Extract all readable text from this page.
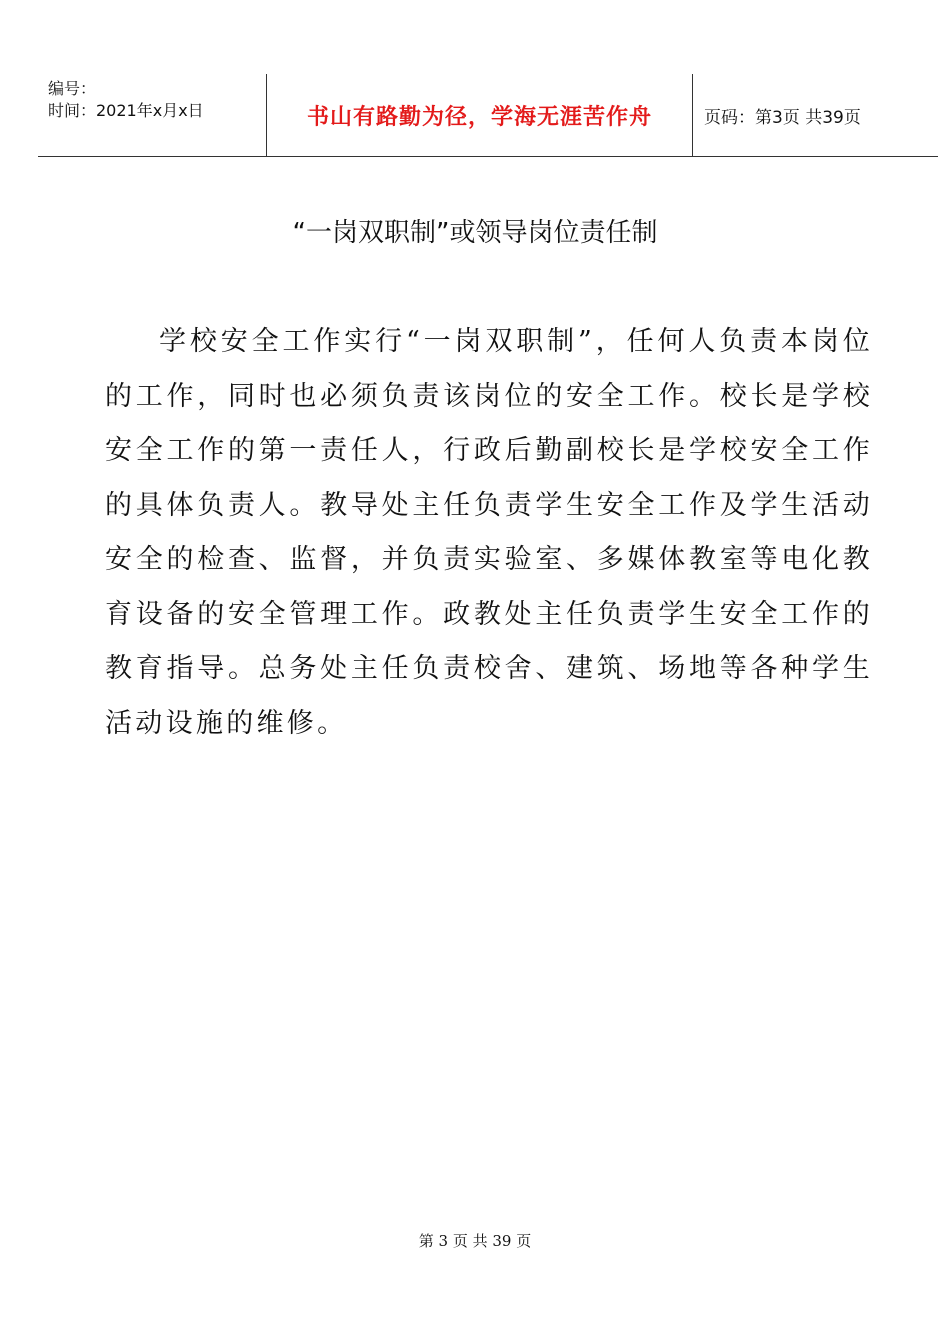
编号：
时间：2021年x月x日	书山有路勤为径，学海无涯苦作舟	页码：第3页 共39页
“一岗双职制”或领导岗位责任制

学校安全工作实行“一岗双职制”，任何人负责本岗位的工作，同时也必须负责该岗位的安全工作。校长是学校安全工作的第一责任人，行政后勤副校长是学校安全工作的具体负责人。教导处主任负责学生安全工作及学生活动安全的检查、监督，并负责实验室、多媒体教室等电化教育设备的安全管理工作。政教处主任负责学生安全工作的教育指导。总务处主任负责校舍、建筑、场地等各种学生活动设施的维修。

第 3 页 共 39 页
